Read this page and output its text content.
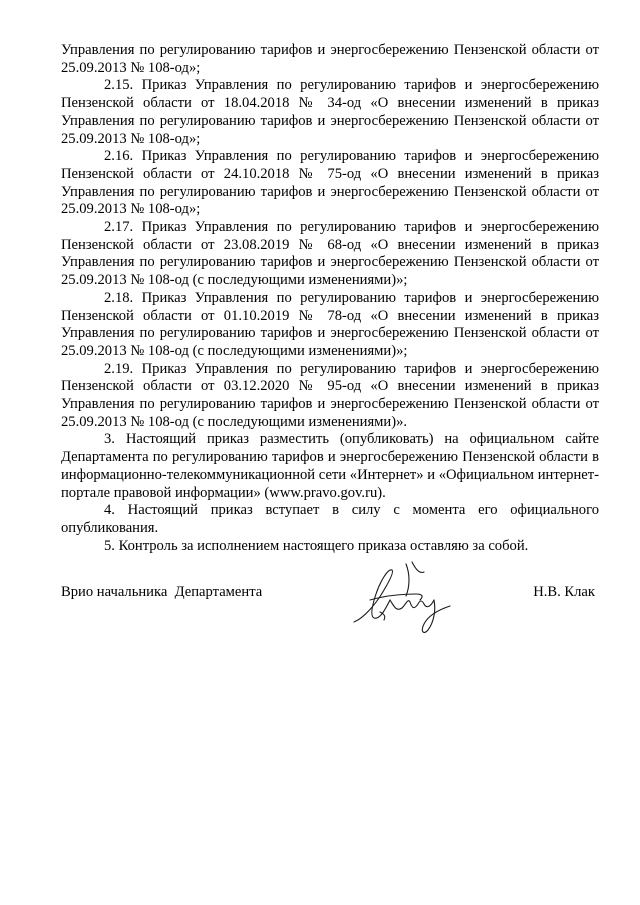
Управления по регулированию тарифов и энергосбережению Пензенской области от 25.09.2013 № 108-од»;

2.15. Приказ Управления по регулированию тарифов и энергосбережению Пензенской области от 18.04.2018 № 34-од «О внесении изменений в приказ Управления по регулированию тарифов и энергосбережению Пензенской области от 25.09.2013 № 108-од»;

2.16. Приказ Управления по регулированию тарифов и энергосбережению Пензенской области от 24.10.2018 № 75-од «О внесении изменений в приказ Управления по регулированию тарифов и энергосбережению Пензенской области от 25.09.2013 № 108-од»;

2.17. Приказ Управления по регулированию тарифов и энергосбережению Пензенской области от 23.08.2019 № 68-од «О внесении изменений в приказ Управления по регулированию тарифов и энергосбережению Пензенской области от 25.09.2013 № 108-од (с последующими изменениями)»;

2.18. Приказ Управления по регулированию тарифов и энергосбережению Пензенской области от 01.10.2019 № 78-од «О внесении изменений в приказ Управления по регулированию тарифов и энергосбережению Пензенской области от 25.09.2013 № 108-од (с последующими изменениями)»;

2.19. Приказ Управления по регулированию тарифов и энергосбережению Пензенской области от 03.12.2020 № 95-од «О внесении изменений в приказ Управления по регулированию тарифов и энергосбережению Пензенской области от 25.09.2013 № 108-од (с последующими изменениями)».

3. Настоящий приказ разместить (опубликовать) на официальном сайте Департамента по регулированию тарифов и энергосбережению Пензенской области в информационно-телекоммуникационной сети «Интернет» и «Официальном интернет-портале правовой информации» (www.pravo.gov.ru).

4. Настоящий приказ вступает в силу с момента его официального опубликования.

5. Контроль за исполнением настоящего приказа оставляю за собой.

Врио начальника  Департамента	Н.В. Клак
